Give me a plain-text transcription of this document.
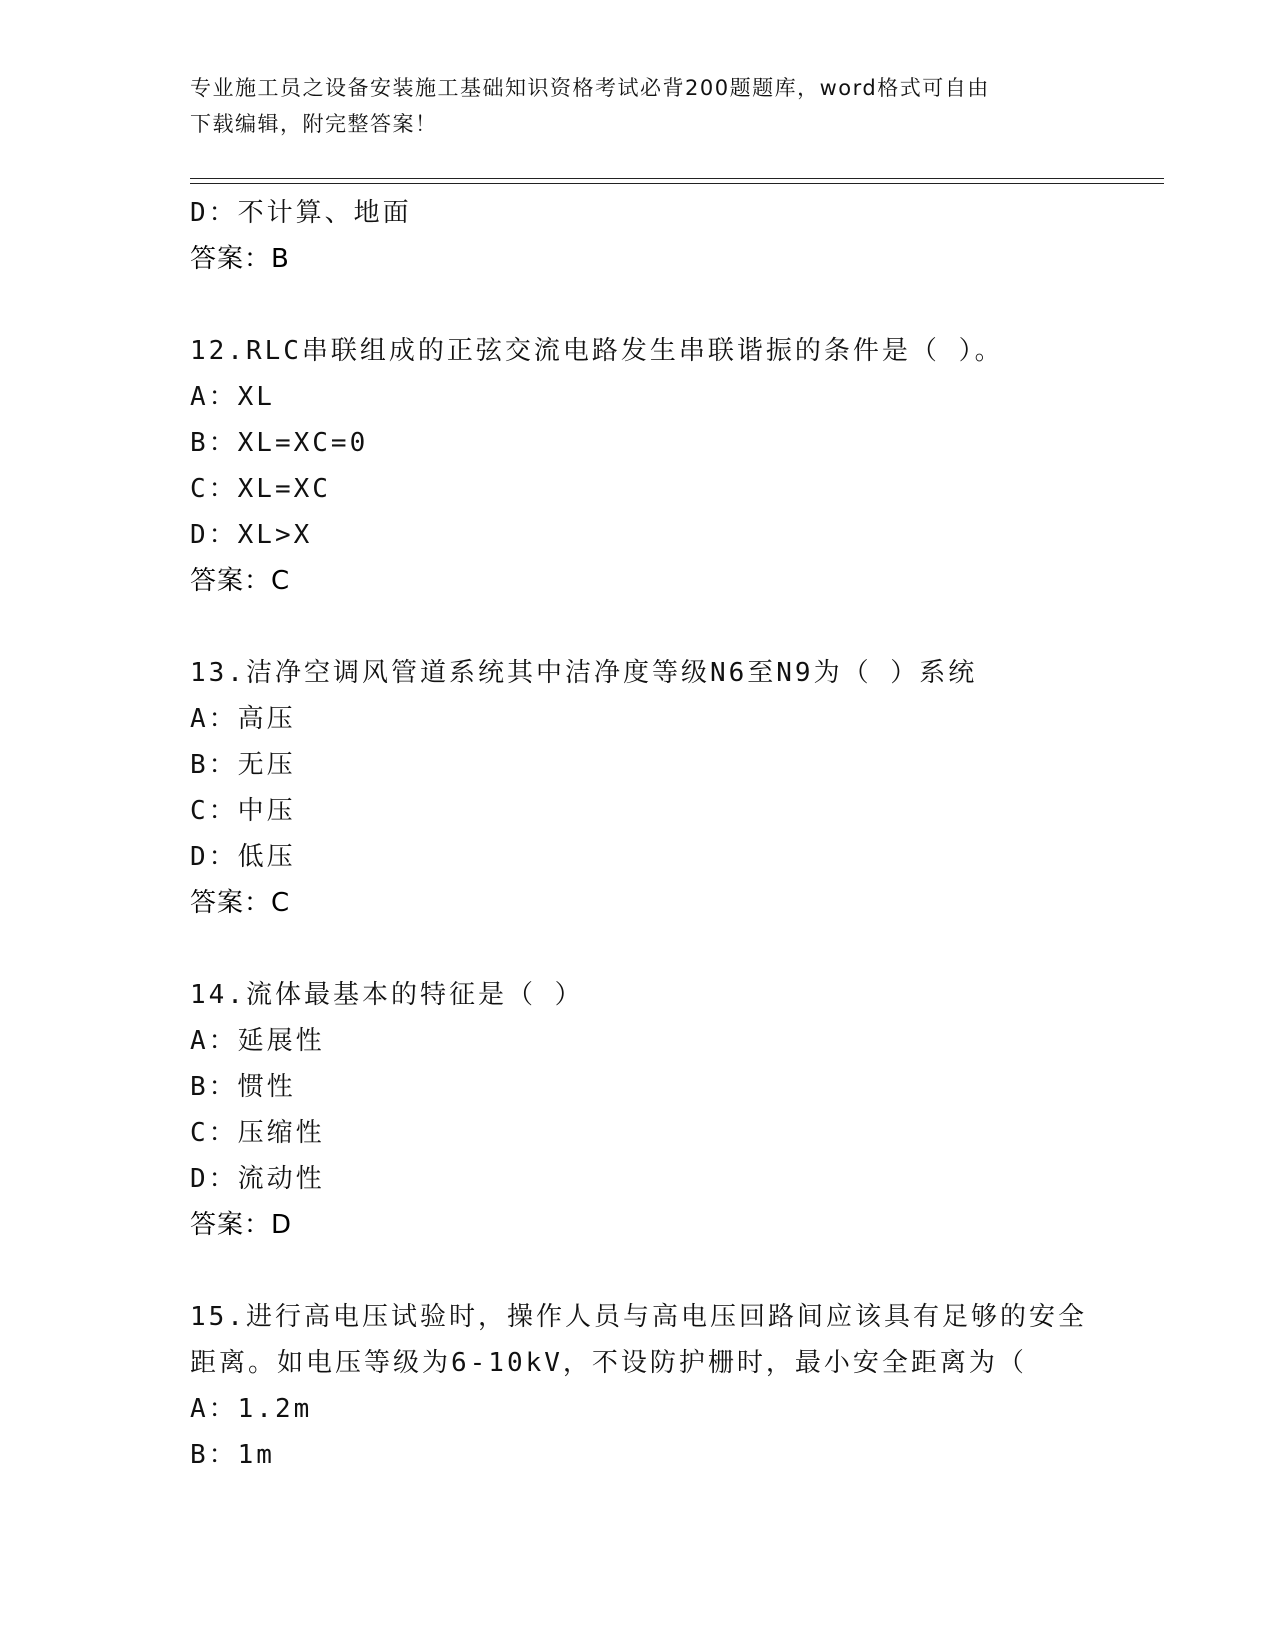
专业施工员之设备安装施工基础知识资格考试必背200题题库，word格式可自由
下载编辑，附完整答案！
D：不计算、地面
答案：B
12.RLC串联组成的正弦交流电路发生串联谐振的条件是（ ）。
A：XL
B：XL=XC=0
C：XL=XC
D：XL>X
答案：C
13.洁净空调风管道系统其中洁净度等级N6至N9为（ ）系统
A：高压
B：无压
C：中压
D：低压
答案：C
14.流体最基本的特征是（ ）
A：延展性
B：惯性
C：压缩性
D：流动性
答案：D
15.进行高电压试验时，操作人员与高电压回路间应该具有足够的安全
距离。如电压等级为6-10kV，不设防护栅时，最小安全距离为（
A：1.2m
B：1m
